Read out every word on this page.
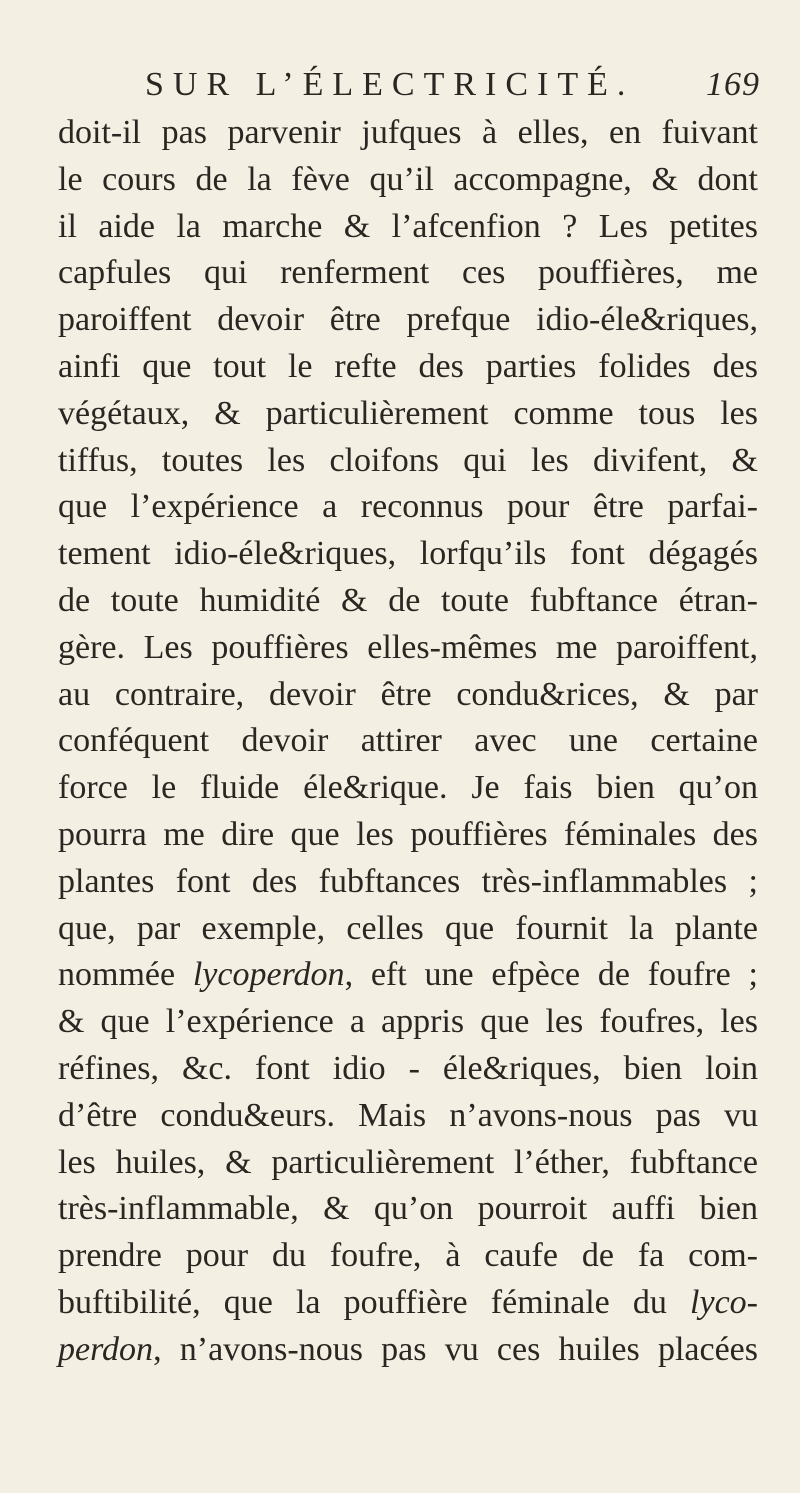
SUR L’ÉLECTRICITÉ. 169
doit-il pas parvenir jufques à elles, en fuivant
le cours de la fève qu’il accompagne, & dont
il aide la marche & l’afcenfion ? Les petites
capfules qui renferment ces pouffières, me
paroiffent devoir être prefque idio-éle&riques,
ainfi que tout le refte des parties folides des
végétaux, & particulièrement comme tous les
tiffus, toutes les cloifons qui les divifent, &
que l’expérience a reconnus pour être parfai-
tement idio-éle&riques, lorfqu’ils font dégagés
de toute humidité & de toute fubftance étran-
gère. Les pouffières elles-mêmes me paroiffent,
au contraire, devoir être condu&rices, & par
conféquent devoir attirer avec une certaine
force le fluide éle&rique. Je fais bien qu’on
pourra me dire que les pouffières féminales des
plantes font des fubftances très-inflammables ;
que, par exemple, celles que fournit la plante
nommée lycoperdon, eft une efpèce de foufre ;
& que l’expérience a appris que les foufres, les
réfines, &c. font idio - éle&riques, bien loin
d’être condu&eurs. Mais n’avons-nous pas vu
les huiles, & particulièrement l’éther, fubftance
très-inflammable, & qu’on pourroit auffi bien
prendre pour du foufre, à caufe de fa com-
buftibilité, que la pouffière féminale du lyco-
perdon, n’avons-nous pas vu ces huiles placées
